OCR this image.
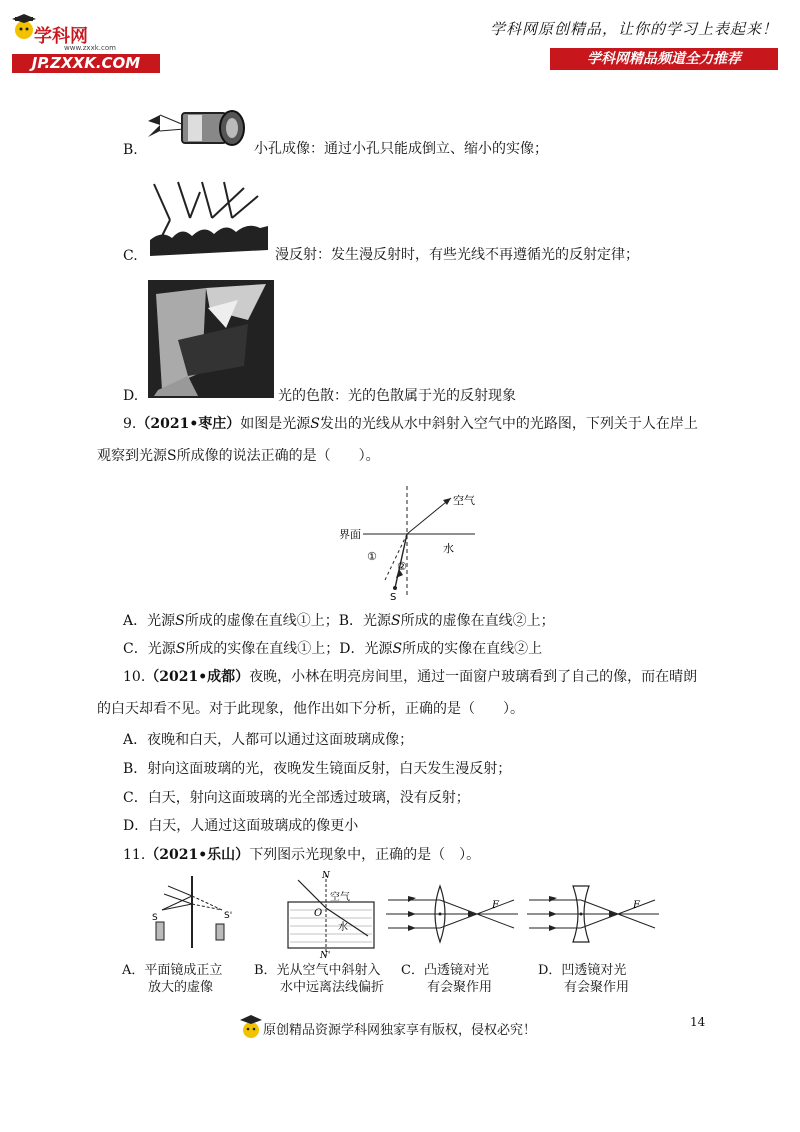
学科网
www.zxxk.com
JP.ZXXK.COM
学科网原创精品，让你的学习上表起来！
学科网精品频道全力推荐
B.	小孔成像：通过小孔只能成倒立、缩小的实像；
C.	漫反射：发生漫反射时，有些光线不再遵循光的反射定律；
D.	光的色散：光的色散属于光的反射现象
9.（2021•枣庄）如图是光源S发出的光线从水中斜射入空气中的光路图，下列关于人在岸上
观察到光源S所成像的说法正确的是（　　）。
空气
界面
水
①
②
S
A．光源S所成的虚像在直线①上；B．光源S所成的虚像在直线②上；
C．光源S所成的实像在直线①上；D．光源S所成的实像在直线②上
10.（2021•成都）夜晚，小林在明亮房间里，通过一面窗户玻璃看到了自己的像，而在晴朗
的白天却看不见。对于此现象，他作出如下分析，正确的是（　　）。
A．夜晚和白天，人都可以通过这面玻璃成像；
B．射向这面玻璃的光，夜晚发生镜面反射，白天发生漫反射；
C．白天，射向这面玻璃的光全部透过玻璃，没有反射；
D．白天，人通过这面玻璃成的像更小
11.（2021•乐山）下列图示光现象中，正确的是（　）。
S	S'
N
N'
O
空气
水
F	F
A．平面镜成正立
放大的虚像
B．光从空气中斜射入
水中远离法线偏折
C．凸透镜对光
有会聚作用
D．凹透镜对光
有会聚作用
14
原创精品资源学科网独家享有版权，侵权必究！
